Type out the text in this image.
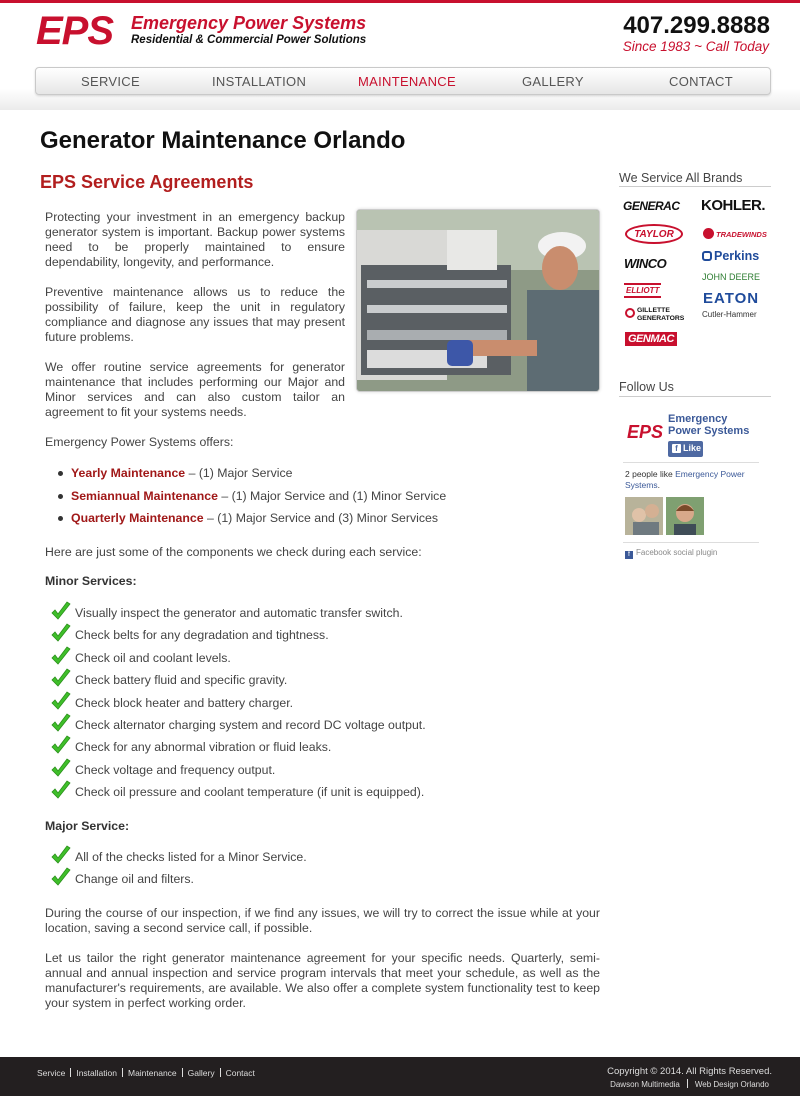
EPS Emergency Power Systems
Residential & Commercial Power Solutions
407.299.8888
Since 1983 ~ Call Today
SERVICE	INSTALLATION	MAINTENANCE	GALLERY	CONTACT
Generator Maintenance Orlando
EPS Service Agreements

Protecting your investment in an emergency backup generator system is important. Backup power systems need to be properly maintained to ensure dependability, longevity, and performance.

Preventive maintenance allows us to reduce the possibility of failure, keep the unit in regulatory compliance and diagnose any issues that may present future problems.

We offer routine service agreements for generator maintenance that includes performing our Major and Minor services and can also custom tailor an agreement to fit your systems needs.

Emergency Power Systems offers:

Yearly Maintenance – (1) Major Service
Semiannual Maintenance – (1) Major Service and (1) Minor Service
Quarterly Maintenance – (1) Major Service and (3) Minor Services

Here are just some of the components we check during each service:

Minor Services:

Visually inspect the generator and automatic transfer switch.
Check belts for any degradation and tightness.
Check oil and coolant levels.
Check battery fluid and specific gravity.
Check block heater and battery charger.
Check alternator charging system and record DC voltage output.
Check for any abnormal vibration or fluid leaks.
Check voltage and frequency output.
Check oil pressure and coolant temperature (if unit is equipped).

Major Service:

All of the checks listed for a Minor Service.
Change oil and filters.

During the course of our inspection, if we find any issues, we will try to correct the issue while at your location, saving a second service call, if possible.

Let us tailor the right generator maintenance agreement for your specific needs. Quarterly, semi-annual and annual inspection and service program intervals that meet your schedule, as well as the manufacturer's requirements, are available. We also offer a complete system functionality test to keep your system in perfect working order.

We Service All Brands
GENERAC KOHLER.
TAYLOR	TRADEWINDS
WINCO	Perkins
JOHN DEERE
ELLIOTT	EATON
Cutler-Hammer
GILLETTE GENERATORS
GENMAC
Follow Us
EPS
Emergency Power Systems
f Like
2 people like Emergency Power Systems.
f Facebook social plugin
Service Installation Maintenance Gallery Contact	Copyright © 2014. All Rights Reserved.
Dawson Multimedia Web Design Orlando
